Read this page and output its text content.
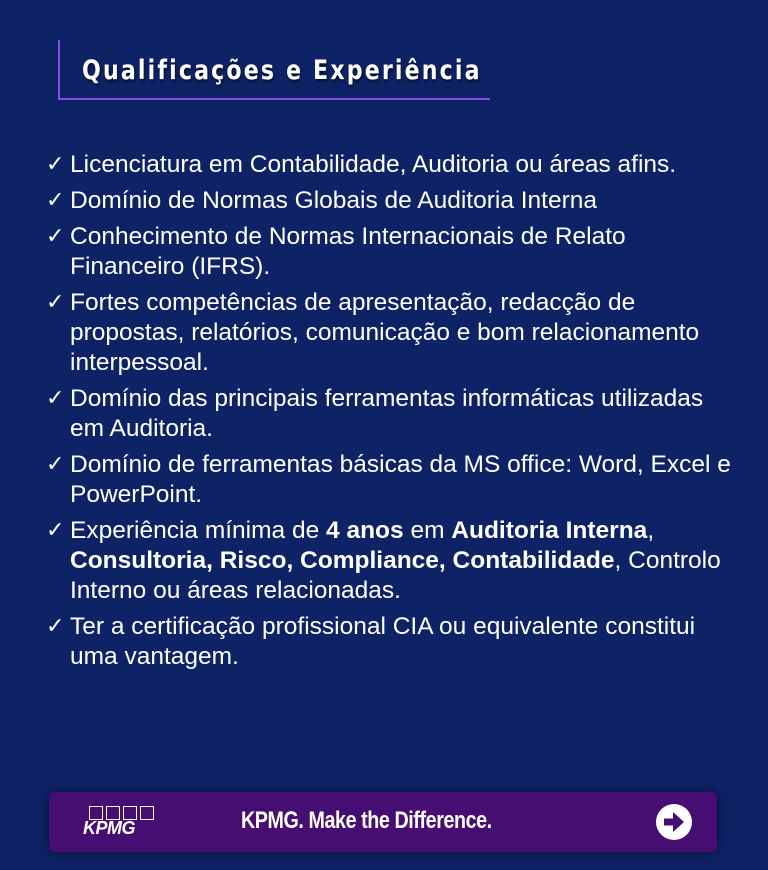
Qualificações e Experiência
✓ Licenciatura em Contabilidade, Auditoria ou áreas afins.
✓ Domínio de Normas Globais de Auditoria Interna
✓ Conhecimento de Normas Internacionais de Relato Financeiro (IFRS).
✓ Fortes competências de apresentação, redacção de propostas, relatórios, comunicação e bom relacionamento interpessoal.
✓ Domínio das principais ferramentas informáticas utilizadas em Auditoria.
✓ Domínio de ferramentas básicas da MS office: Word, Excel e PowerPoint.
✓ Experiência mínima de 4 anos em Auditoria Interna, Consultoria, Risco, Compliance, Contabilidade, Controlo Interno ou áreas relacionadas.
✓ Ter a certificação profissional CIA ou equivalente constitui uma vantagem.
KPMG	KPMG. Make the Difference.
